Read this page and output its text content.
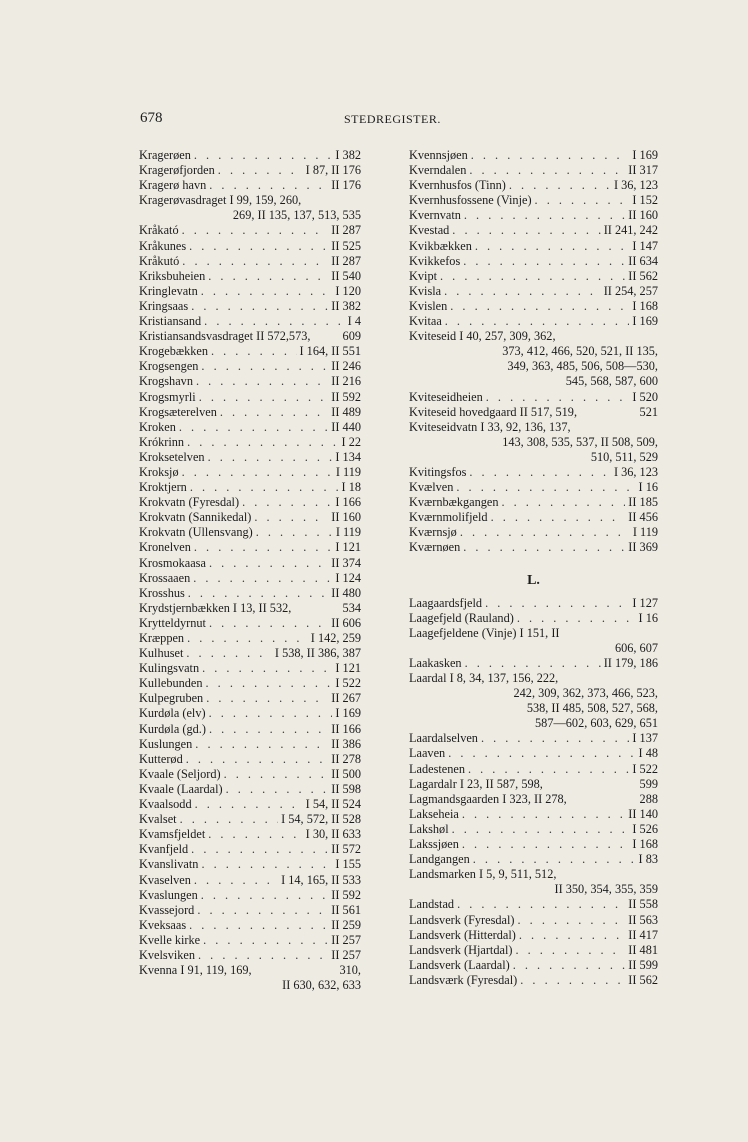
678	STEDREGISTER.
Kragerøen . . .	I 382
Kragerøfjorden . . .	I 87, II 176
Kragerø havn . . .	II 176
Kragerøvasdraget I 99, 159, 260,
269, II 135, 137, 513, 535
Kråkató . . .	II 287
Kråkunes . . .	II 525
Kråkutó . . .	II 287
Kriksbuheien . . .	II 540
Kringlevatn . . .	I 120
Kringsaas . . .	II 382
Kristiansand . . .	I 4
Kristiansandsvasdraget II 572,573,	609
Krogebækken . . .	I 164, II 551
Krogsengen . . .	II 246
Krogshavn . . .	II 216
Krogsmyrli . . .	II 592
Krogsæterelven . . .	II 489
Kroken . . .	II 440
Krókrinn . . .	I 22
Kroksetelven . . .	I 134
Kroksjø . . .	I 119
Kroktjern . . .	I 18
Krokvatn (Fyresdal) . . .	I 166
Krokvatn (Sannikedal) . . .	II 160
Krokvatn (Ullensvang) . . .	I 119
Kronelven . . .	I 121
Krosmokaasa . . .	II 374
Krossaaen . . .	I 124
Krosshus . . .	II 480
Krydstjernbækken I 13, II 532,	534
Krytteldyrnut . . .	II 606
Kræppen . . .	I 142, 259
Kulhuset . . .	I 538, II 386, 387
Kulingsvatn . . .	I 121
Kullebunden . . .	I 522
Kulpegruben . . .	II 267
Kurdøla (elv) . . .	I 169
Kurdøla (gd.) . . .	II 166
Kuslungen . . .	II 386
Kutterød . . .	II 278
Kvaale (Seljord) . . .	II 500
Kvaale (Laardal) . . .	II 598
Kvaalsodd . . .	I 54, II 524
Kvalset . . .	I 54, 572, II 528
Kvamsfjeldet . . .	I 30, II 633
Kvanfjeld . . .	II 572
Kvanslivatn . . .	I 155
Kvaselven . . .	I 14, 165, II 533
Kvaslungen . . .	II 592
Kvassejord . . .	II 561
Kveksaas . . .	II 259
Kvelle kirke . . .	II 257
Kvelsviken . . .	II 257
Kvenna I 91, 119, 169,	310,
II 630, 632, 633
Kvennsjøen . . .	I 169
Kverndalen . . .	II 317
Kvernhusfos (Tinn) . . .	I 36, 123
Kvernhusfossene (Vinje) . . .	I 152
Kvernvatn . . .	II 160
Kvestad . . .	II 241, 242
Kvikbækken . . .	I 147
Kvikkefos . . .	II 634
Kvipt . . .	II 562
Kvisla . . .	II 254, 257
Kvislen . . .	I 168
Kvitaa . . .	I 169
Kviteseid I 40, 257, 309, 362,
373, 412, 466, 520, 521, II 135,
349, 363, 485, 506, 508—530,
545, 568, 587, 600
Kviteseidheien . . .	I 520
Kviteseid hovedgaard II 517, 519,	521
Kviteseidvatn I 33, 92, 136, 137,
143, 308, 535, 537, II 508, 509,
510, 511, 529
Kvitingsfos . . .	I 36, 123
Kvælven . . .	I 16
Kværnbækgangen . . .	II 185
Kværnmolifjeld . . .	II 456
Kværnsjø . . .	I 119
Kværnøen . . .	II 369
L.
Laagaardsfjeld . . .	I 127
Laagefjeld (Rauland) . . .	I 16
Laagefjeldene (Vinje) I 151, II
606, 607
Laakasken . . .	II 179, 186
Laardal I 8, 34, 137, 156, 222,
242, 309, 362, 373, 466, 523,
538, II 485, 508, 527, 568,
587—602, 603, 629, 651
Laardalselven . . .	I 137
Laaven . . .	I 48
Ladestenen . . .	I 522
Lagardalr I 23, II 587, 598,	599
Lagmandsgaarden I 323, II 278,	288
Lakseheia . . .	II 140
Lakshøl . . .	I 526
Lakssjøen . . .	I 168
Landgangen . . .	I 83
Landsmarken I 5, 9, 511, 512,
II 350, 354, 355, 359
Landstad . . .	II 558
Landsverk (Fyresdal) . . .	II 563
Landsverk (Hitterdal) . . .	II 417
Landsverk (Hjartdal) . . .	II 481
Landsverk (Laardal) . . .	II 599
Landsværk (Fyresdal) . . .	II 562
